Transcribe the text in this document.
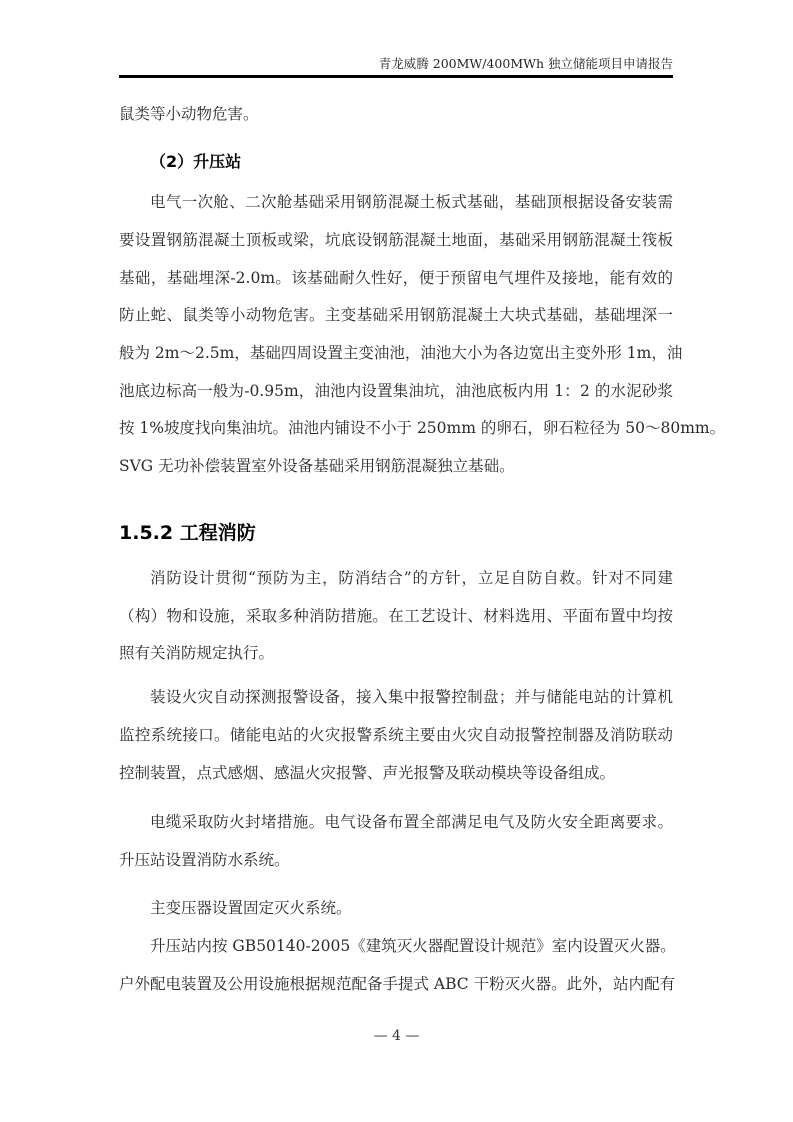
青龙威腾 200MW/400MWh 独立储能项目申请报告
鼠类等小动物危害。
（2）升压站
电气一次舱、二次舱基础采用钢筋混凝土板式基础，基础顶根据设备安装需
要设置钢筋混凝土顶板或梁，坑底设钢筋混凝土地面，基础采用钢筋混凝土筏板
基础，基础埋深-2.0m。该基础耐久性好，便于预留电气埋件及接地，能有效的
防止蛇、鼠类等小动物危害。主变基础采用钢筋混凝土大块式基础，基础埋深一
般为 2m～2.5m，基础四周设置主变油池，油池大小为各边宽出主变外形 1m，油
池底边标高一般为-0.95m，油池内设置集油坑，油池底板内用 1：2 的水泥砂浆
按 1%坡度找向集油坑。油池内铺设不小于 250mm 的卵石，卵石粒径为 50～80mm。
SVG 无功补偿装置室外设备基础采用钢筋混凝独立基础。
1.5.2 工程消防
消防设计贯彻“预防为主，防消结合”的方针，立足自防自救。针对不同建
（构）物和设施，采取多种消防措施。在工艺设计、材料选用、平面布置中均按
照有关消防规定执行。
装设火灾自动探测报警设备，接入集中报警控制盘；并与储能电站的计算机
监控系统接口。储能电站的火灾报警系统主要由火灾自动报警控制器及消防联动
控制装置，点式感烟、感温火灾报警、声光报警及联动模块等设备组成。
电缆采取防火封堵措施。电气设备布置全部满足电气及防火安全距离要求。
升压站设置消防水系统。
主变压器设置固定灭火系统。
升压站内按 GB50140-2005《建筑灭火器配置设计规范》室内设置灭火器。
户外配电装置及公用设施根据规范配备手提式 ABC 干粉灭火器。此外，站内配有
— 4 —
